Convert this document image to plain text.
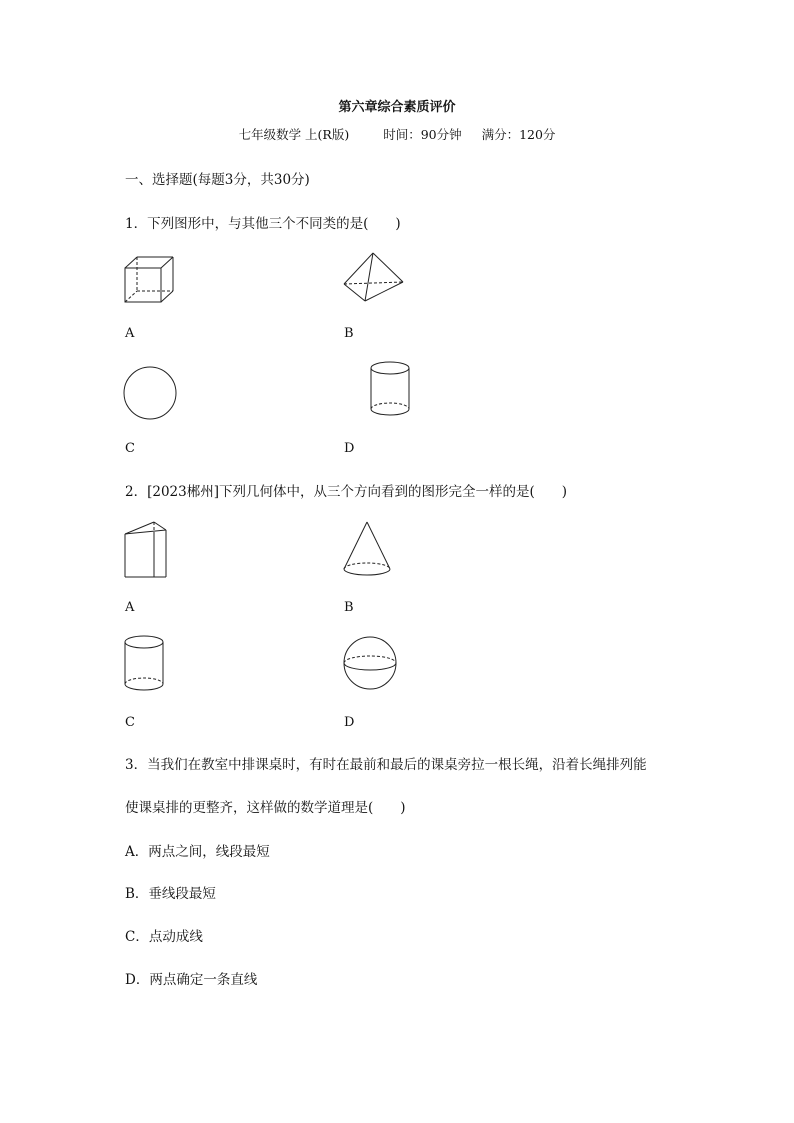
第六章综合素质评价
七年级数学 上(R版)	时间：90分钟 满分：120分
一、选择题(每题3分，共30分)
1．下列图形中，与其他三个不同类的是(　　)
A	B
C	D
2．[2023郴州]下列几何体中，从三个方向看到的图形完全一样的是(　　)
A	B
C	D
3．当我们在教室中排课桌时，有时在最前和最后的课桌旁拉一根长绳，沿着长绳排列能
使课桌排的更整齐，这样做的数学道理是(　　)
A．两点之间，线段最短
B．垂线段最短
C．点动成线
D．两点确定一条直线
